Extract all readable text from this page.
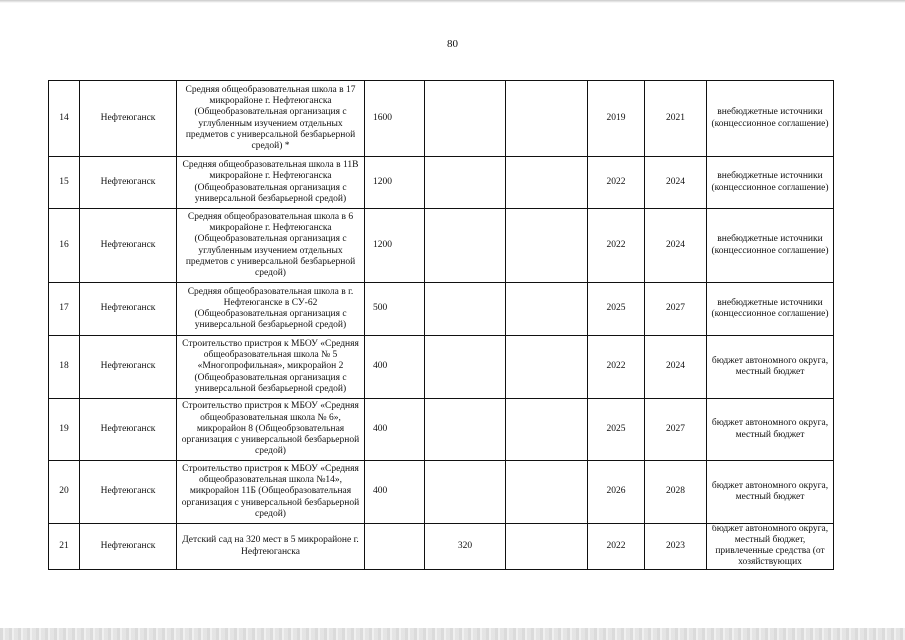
80
14	Нефтеюганск	Средняя общеобразовательная школа в 17 микрорайоне г. Нефтеюганска (Общеобразовательная организация с углубленным изучением отдельных предметов с универсальной безбарьерной средой) *	1600			2019	2021	внебюджетные источники (концессионное соглашение)
15	Нефтеюганск	Средняя общеобразовательная школа в 11В микрорайоне г. Нефтеюганска (Общеобразовательная организация с универсальной безбарьерной средой)	1200			2022	2024	внебюджетные источники (концессионное соглашение)
16	Нефтеюганск	Средняя общеобразовательная школа в 6 микрорайоне г. Нефтеюганска (Общеобразовательная организация с углубленным изучением отдельных предметов с универсальной безбарьерной средой)	1200			2022	2024	внебюджетные источники (концессионное соглашение)
17	Нефтеюганск	Средняя общеобразовательная школа в г. Нефтеюганске в СУ-62 (Общеобразовательная организация с универсальной безбарьерной средой)	500			2025	2027	внебюджетные источники (концессионное соглашение)
18	Нефтеюганск	Строительство пристроя к МБОУ «Средняя общеобразовательная школа № 5 «Многопрофильная», микрорайон 2 (Общеобразовательная организация с универсальной безбарьерной средой)	400			2022	2024	бюджет автономного округа, местный бюджет
19	Нефтеюганск	Строительство пристроя к МБОУ «Средняя общеобразовательная школа № 6», микрорайон 8 (Общеобрзовательная организация с универсальной безбарьерной средой)	400			2025	2027	бюджет автономного округа, местный бюджет
20	Нефтеюганск	Строительство пристроя к МБОУ «Средняя общеобразовательная школа №14», микрорайон 11Б (Общеобразовательная организация с универсальной безбарьерной средой)	400			2026	2028	бюджет автономного округа, местный бюджет
21	Нефтеюганск	Детский сад на 320 мест в 5 микрорайоне г. Нефтеюганска		320		2022	2023	бюджет автономного округа, местный бюджет, привлеченные средства (от хозяйствующих
